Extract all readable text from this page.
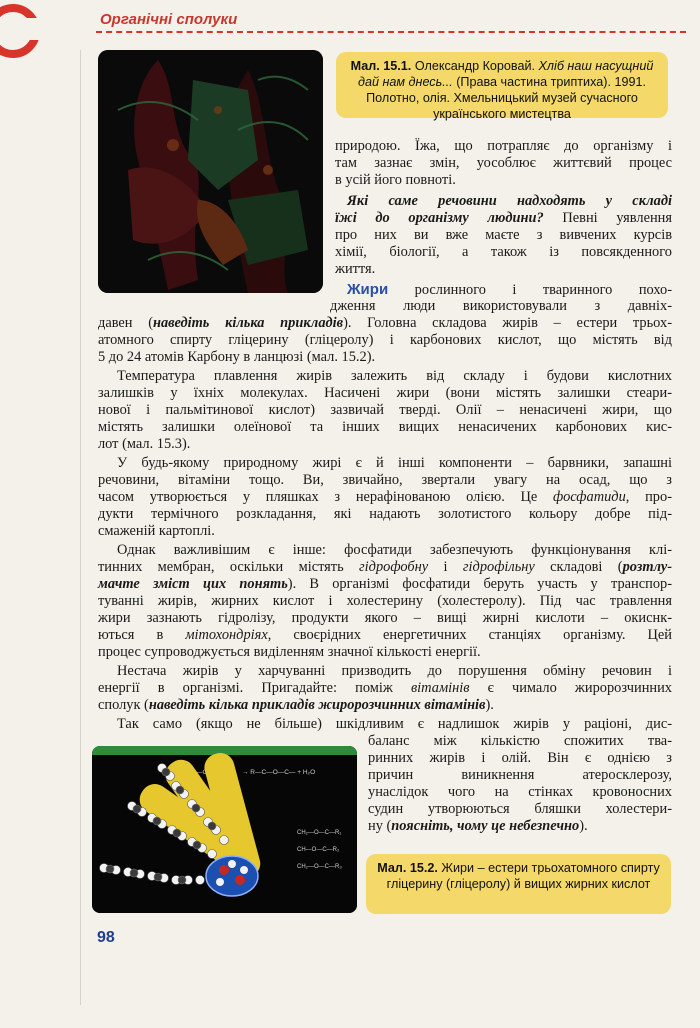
Органічні сполуки
Мал. 15.1. Олександр Коровай. Хліб наш насущний дай нам днесь... (Права частина триптиха). 1991. Полотно, олія. Хмельницький музей сучасного українського мистецтва
природою. Їжа, що потрапляє до організму і
там зазнає змін, уособлює життєвий процес
в усій його повноті.
Які саме речовини надходять у складі
їжі до організму людини? Певні уявлення
про них ви вже маєте з вивчених курсів
хімії, біології, а також із повсякденного
життя.
Жири рослинного і тваринного похо-
дження люди використовували з давніх-
давен (наведіть кілька прикладів). Головна складова жирів – естери трьох-
атомного спирту гліцерину (гліцеролу) і карбонових кислот, що містять від
5 до 24 атомів Карбону в ланцюзі (мал. 15.2).
Температура плавлення жирів залежить від складу і будови кислотних
залишків у їхніх молекулах. Насичені жири (вони містять залишки стеари-
нової і пальмітинової кислот) зазвичай тверді. Олії – ненасичені жири, що
містять залишки олеїнової та інших вищих ненасичених карбонових кис-
лот (мал. 15.3).
У будь-якому природному жирі є й інші компоненти – барвники, запашні
речовини, вітаміни тощо. Ви, звичайно, звертали увагу на осад, що з
часом утворюється у пляшках з нерафінованою олією. Це фосфатиди, про-
дукти термічного розкладання, які надають золотистого кольору добре під-
смаженій картоплі.
Однак важливішим є інше: фосфатиди забезпечують функціонування клі-
тинних мембран, оскільки містять гідрофобну і гідрофільну складові (розтлу-
мачте зміст цих понять). В організмі фосфатиди беруть участь у транспор-
туванні жирів, жирних кислот і холестерину (холестеролу). Під час травлення
жири зазнають гідролізу, продукти якого – вищі жирні кислоти – окиснк-
ються в мітохондріях, своєрідних енергетичних станціях організму. Цей
процес супроводжується виділенням значної кількості енергії.
Нестача жирів у харчуванні призводить до порушення обміну речовин і
енергії в організмі. Пригадайте: поміж вітамінів є чимало жиророзчинних
сполук (наведіть кілька прикладів жиророзчинних вітамінів).
Так само (якщо не більше) шкідливим є надлишок жирів у раціоні, дис-
баланс між кількістю спожитих тва-
ринних жирів і олій. Він є однією з
причин виникнення атеросклерозу,
унаслідок чого на стінках кровоносних
судин утворюються бляшки холестери-
ну (поясніть, чому це небезпечно).
→ R—C—O—C— + H₂O
CH₂—O—C—R₁
CH—O—C—R₂
CH₂—O—C—R₃	Мал. 15.2. Жири – естери трьохатомного спирту гліцерину (гліцеролу) й вищих жирних кислот
98
